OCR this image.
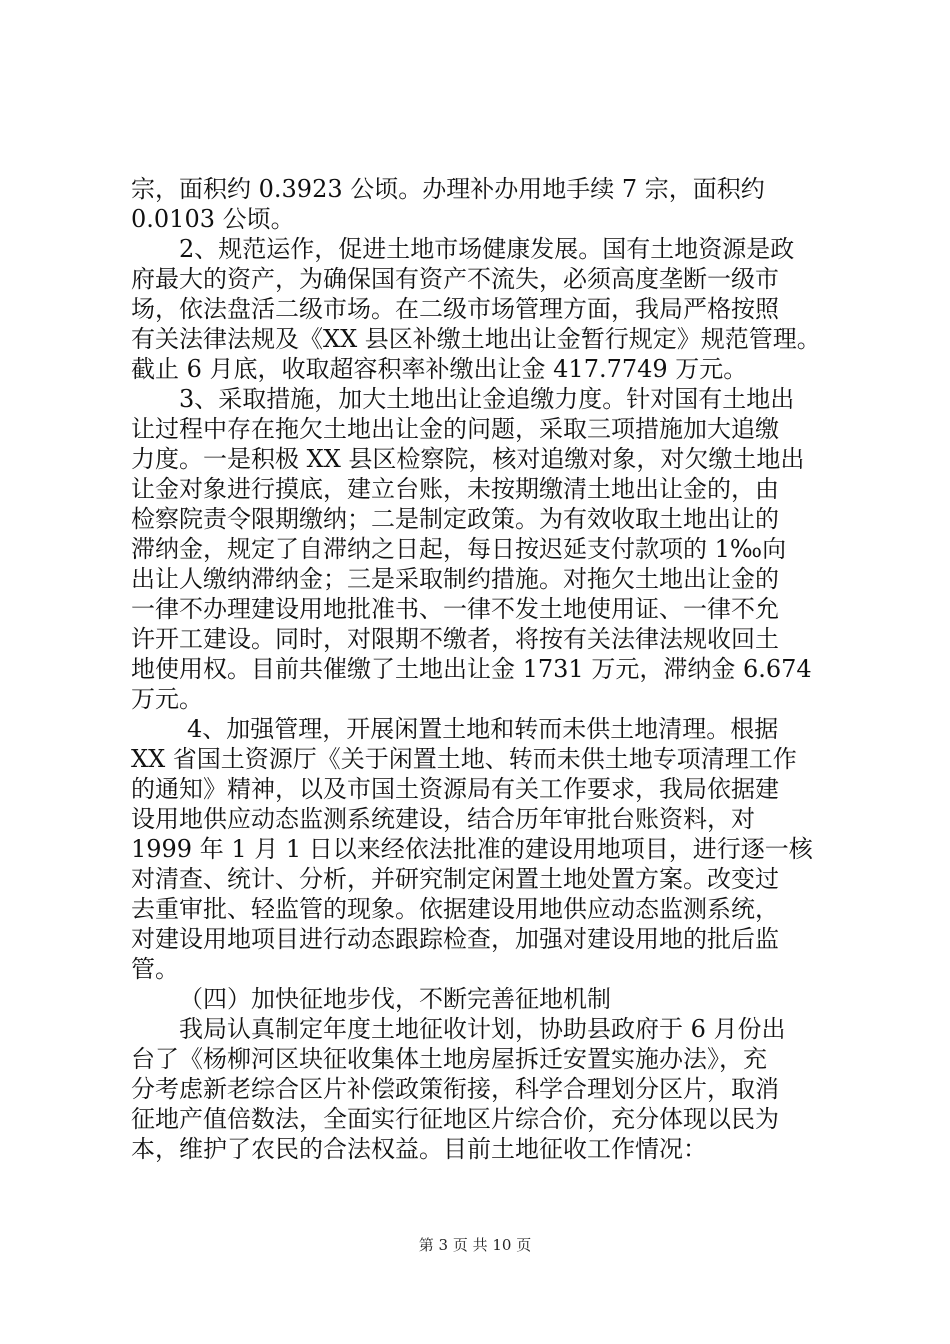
宗，面积约 0.3923 公顷。办理补办用地手续 7 宗，面积约
0.0103 公顷。
2、规范运作，促进土地市场健康发展。国有土地资源是政
府最大的资产，为确保国有资产不流失，必须高度垄断一级市
场，依法盘活二级市场。在二级市场管理方面，我局严格按照
有关法律法规及《XX 县区补缴土地出让金暂行规定》规范管理。
截止 6 月底，收取超容积率补缴出让金 417.7749 万元。
3、采取措施，加大土地出让金追缴力度。针对国有土地出
让过程中存在拖欠土地出让金的问题，采取三项措施加大追缴
力度。一是积极 XX 县区检察院，核对追缴对象，对欠缴土地出
让金对象进行摸底，建立台账，未按期缴清土地出让金的，由
检察院责令限期缴纳；二是制定政策。为有效收取土地出让的
滞纳金，规定了自滞纳之日起，每日按迟延支付款项的 1‰向
出让人缴纳滞纳金；三是采取制约措施。对拖欠土地出让金的
一律不办理建设用地批准书、一律不发土地使用证、一律不允
许开工建设。同时，对限期不缴者，将按有关法律法规收回土
地使用权。目前共催缴了土地出让金 1731 万元，滞纳金 6.674
万元。
4、加强管理，开展闲置土地和转而未供土地清理。根据
XX 省国土资源厅《关于闲置土地、转而未供土地专项清理工作
的通知》精神，以及市国土资源局有关工作要求，我局依据建
设用地供应动态监测系统建设，结合历年审批台账资料，对
1999 年 1 月 1 日以来经依法批准的建设用地项目，进行逐一核
对清查、统计、分析，并研究制定闲置土地处置方案。改变过
去重审批、轻监管的现象。依据建设用地供应动态监测系统，
对建设用地项目进行动态跟踪检查，加强对建设用地的批后监
管。
（四）加快征地步伐，不断完善征地机制
我局认真制定年度土地征收计划，协助县政府于 6 月份出
台了《杨柳河区块征收集体土地房屋拆迁安置实施办法》，充
分考虑新老综合区片补偿政策衔接，科学合理划分区片，取消
征地产值倍数法，全面实行征地区片综合价，充分体现以民为
本，维护了农民的合法权益。目前土地征收工作情况：
第 3 页 共 10 页
